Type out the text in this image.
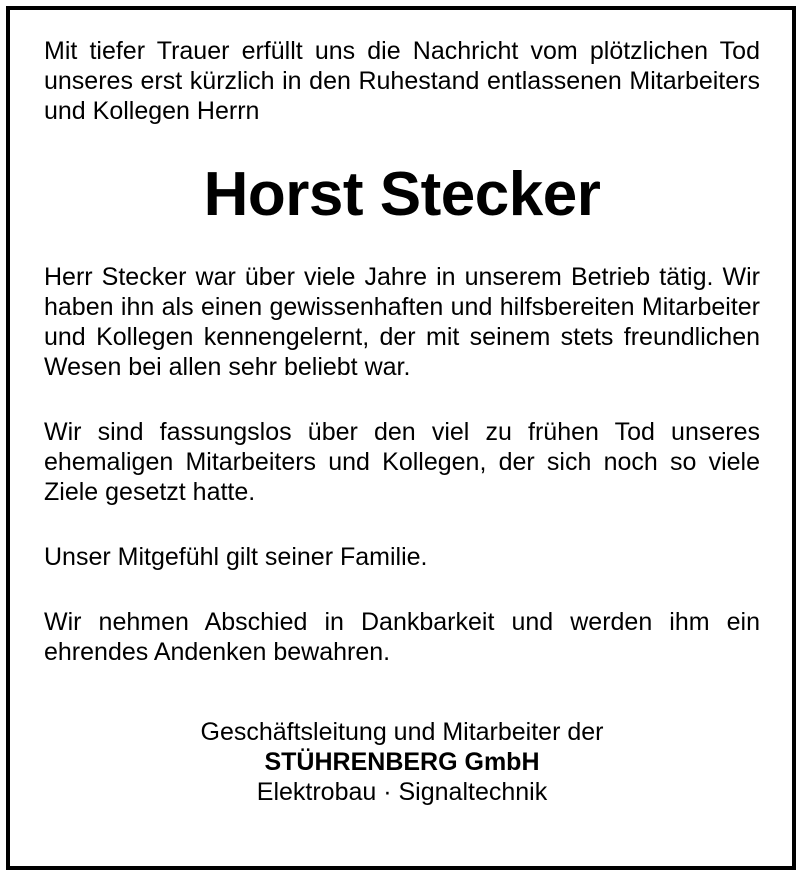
Mit tiefer Trauer erfüllt uns die Nachricht vom plötzlichen Tod unseres erst kürzlich in den Ruhestand entlassenen Mitarbeiters und Kollegen Herrn

Horst Stecker

Herr Stecker war über viele Jahre in unserem Betrieb tätig. Wir haben ihn als einen gewissenhaften und hilfsbereiten Mitarbeiter und Kollegen kennengelernt, der mit seinem stets freundlichen Wesen bei allen sehr beliebt war.

Wir sind fassungslos über den viel zu frühen Tod unseres ehemaligen Mitarbeiters und Kollegen, der sich noch so viele Ziele gesetzt hatte.

Unser Mitgefühl gilt seiner Familie.

Wir nehmen Abschied in Dankbarkeit und werden ihm ein ehrendes Andenken bewahren.

Geschäftsleitung und Mitarbeiter der
STÜHRENBERG GmbH
Elektrobau · Signaltechnik
